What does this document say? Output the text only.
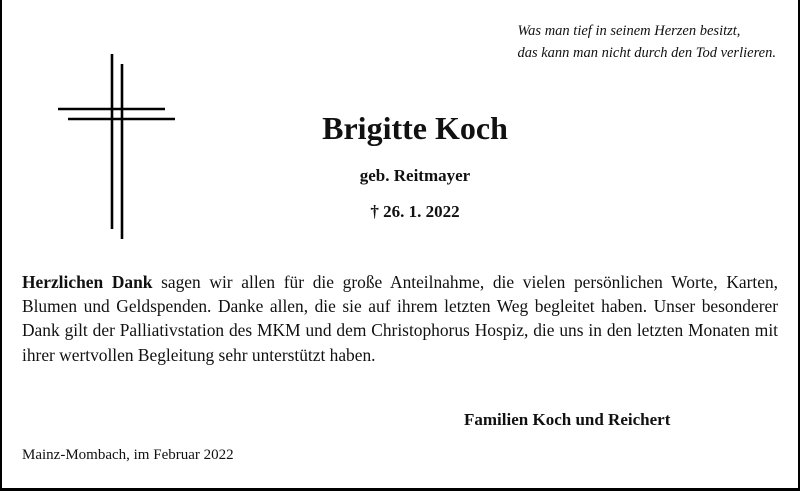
Was man tief in seinem Herzen besitzt,
das kann man nicht durch den Tod verlieren.
Brigitte Koch
geb. Reitmayer
† 26. 1. 2022
Herzlichen Dank sagen wir allen für die große Anteilnahme, die vielen persönlichen Worte, Karten, Blumen und Geldspenden. Danke allen, die sie auf ihrem letzten Weg begleitet haben. Unser besonderer Dank gilt der Palliativstation des MKM und dem Christophorus Hospiz, die uns in den letzten Monaten mit ihrer wertvollen Begleitung sehr unterstützt haben.
Familien Koch und Reichert
Mainz-Mombach, im Februar 2022
